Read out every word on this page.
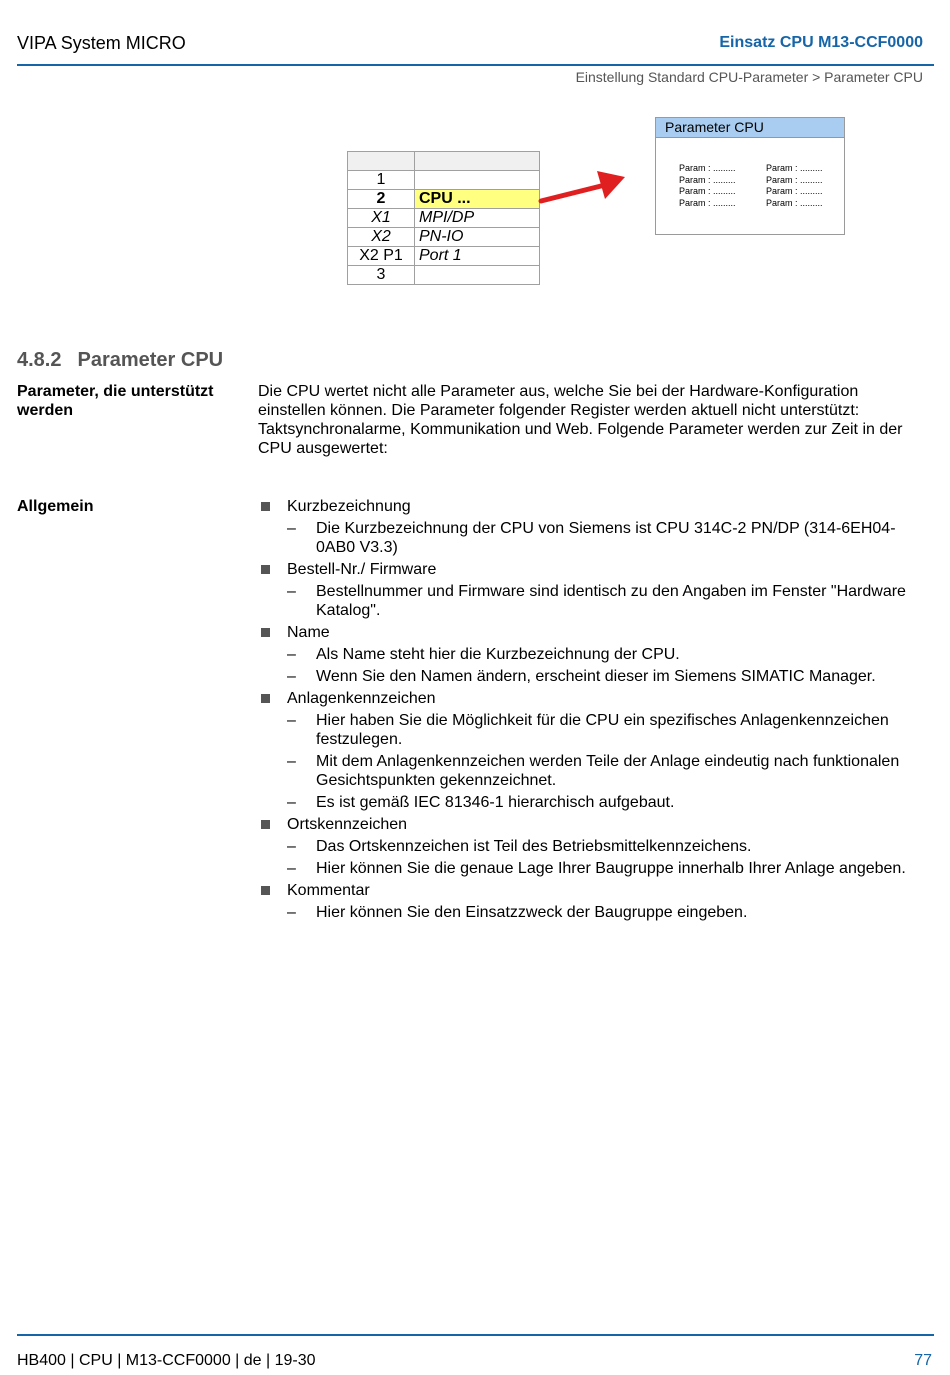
VIPA System MICRO	Einsatz CPU M13-CCF0000
Einstellung Standard CPU-Parameter > Parameter CPU

1	
2	CPU ...
X1	MPI/DP
X2	PN-IO
X2 P1	Port 1
3	
Parameter CPU
Param : .........	Param : .........
Param : .........	Param : .........
Param : .........	Param : .........
Param : .........	Param : .........
4.8.2 Parameter CPU
Parameter, die unterstützt werden
Die CPU wertet nicht alle Parameter aus, welche Sie bei der Hardware-Konfiguration einstellen können. Die Parameter folgender Register werden aktuell nicht unterstützt: Taktsynchronalarme, Kommunikation und Web. Folgende Parameter werden zur Zeit in der CPU ausgewertet:
Allgemein	Kurzbezeichnung
– Die Kurzbezeichnung der CPU von Siemens ist CPU 314C-2 PN/DP (314-6EH04-0AB0 V3.3)
Bestell-Nr./ Firmware
– Bestellnummer und Firmware sind identisch zu den Angaben im Fenster "Hardware Katalog".
Name
– Als Name steht hier die Kurzbezeichnung der CPU.
– Wenn Sie den Namen ändern, erscheint dieser im Siemens SIMATIC Manager.
Anlagenkennzeichen
– Hier haben Sie die Möglichkeit für die CPU ein spezifisches Anlagenkennzeichen festzulegen.
– Mit dem Anlagenkennzeichen werden Teile der Anlage eindeutig nach funktionalen Gesichtspunkten gekennzeichnet.
– Es ist gemäß IEC 81346-1 hierarchisch aufgebaut.
Ortskennzeichen
– Das Ortskennzeichen ist Teil des Betriebsmittelkennzeichens.
– Hier können Sie die genaue Lage Ihrer Baugruppe innerhalb Ihrer Anlage angeben.
Kommentar
– Hier können Sie den Einsatzzweck der Baugruppe eingeben.
HB400 | CPU | M13-CCF0000 | de | 19-30	77
